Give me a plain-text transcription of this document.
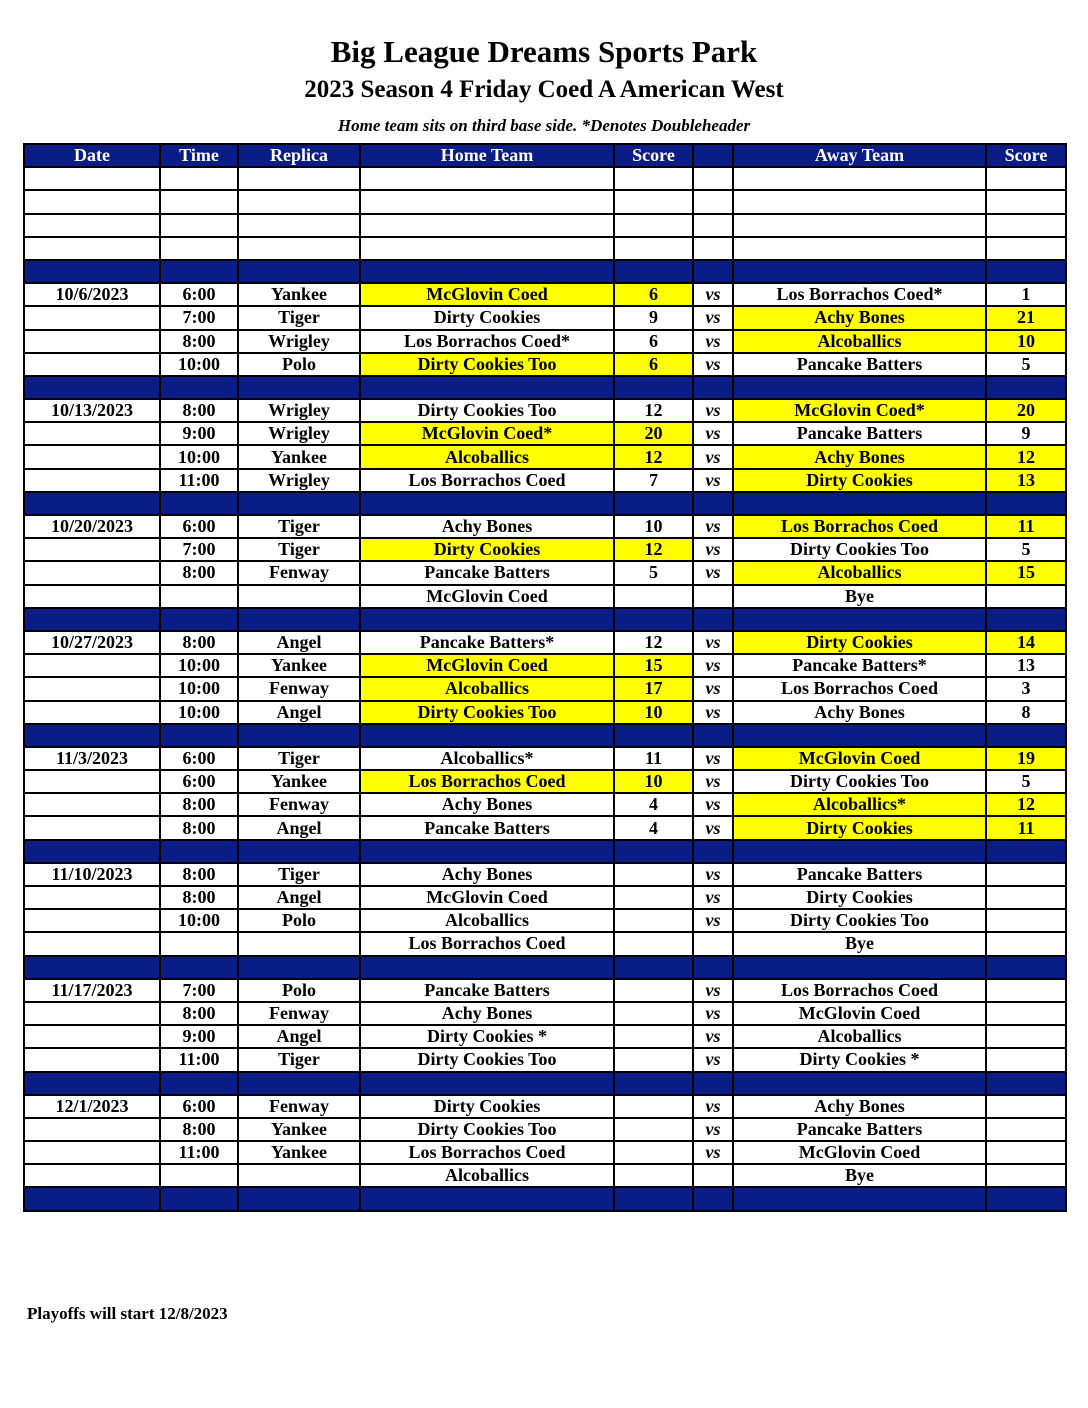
Big League Dreams Sports Park
2023 Season 4 Friday Coed A American West
Home team sits on third base side. *Denotes Doubleheader
Date	Time	Replica	Home Team	Score		Away Team	Score

10/6/2023	6:00	Yankee	McGlovin Coed	6	vs	Los Borrachos Coed*	1
	7:00	Tiger	Dirty Cookies	9	vs	Achy Bones	21
	8:00	Wrigley	Los Borrachos Coed*	6	vs	Alcoballics	10
	10:00	Polo	Dirty Cookies Too	6	vs	Pancake Batters	5

10/13/2023	8:00	Wrigley	Dirty Cookies Too	12	vs	McGlovin Coed*	20
	9:00	Wrigley	McGlovin Coed*	20	vs	Pancake Batters	9
	10:00	Yankee	Alcoballics	12	vs	Achy Bones	12
	11:00	Wrigley	Los Borrachos Coed	7	vs	Dirty Cookies	13

10/20/2023	6:00	Tiger	Achy Bones	10	vs	Los Borrachos Coed	11
	7:00	Tiger	Dirty Cookies	12	vs	Dirty Cookies Too	5
	8:00	Fenway	Pancake Batters	5	vs	Alcoballics	15
			McGlovin Coed			Bye	

10/27/2023	8:00	Angel	Pancake Batters*	12	vs	Dirty Cookies	14
	10:00	Yankee	McGlovin Coed	15	vs	Pancake Batters*	13
	10:00	Fenway	Alcoballics	17	vs	Los Borrachos Coed	3
	10:00	Angel	Dirty Cookies Too	10	vs	Achy Bones	8

11/3/2023	6:00	Tiger	Alcoballics*	11	vs	McGlovin Coed	19
	6:00	Yankee	Los Borrachos Coed	10	vs	Dirty Cookies Too	5
	8:00	Fenway	Achy Bones	4	vs	Alcoballics*	12
	8:00	Angel	Pancake Batters	4	vs	Dirty Cookies	11

11/10/2023	8:00	Tiger	Achy Bones		vs	Pancake Batters	
	8:00	Angel	McGlovin Coed		vs	Dirty Cookies	
	10:00	Polo	Alcoballics		vs	Dirty Cookies Too	
			Los Borrachos Coed			Bye	

11/17/2023	7:00	Polo	Pancake Batters		vs	Los Borrachos Coed	
	8:00	Fenway	Achy Bones		vs	McGlovin Coed	
	9:00	Angel	Dirty Cookies *		vs	Alcoballics	
	11:00	Tiger	Dirty Cookies Too		vs	Dirty Cookies *	

12/1/2023	6:00	Fenway	Dirty Cookies		vs	Achy Bones	
	8:00	Yankee	Dirty Cookies Too		vs	Pancake Batters	
	11:00	Yankee	Los Borrachos Coed		vs	McGlovin Coed	
			Alcoballics			Bye	

Playoffs will start 12/8/2023
